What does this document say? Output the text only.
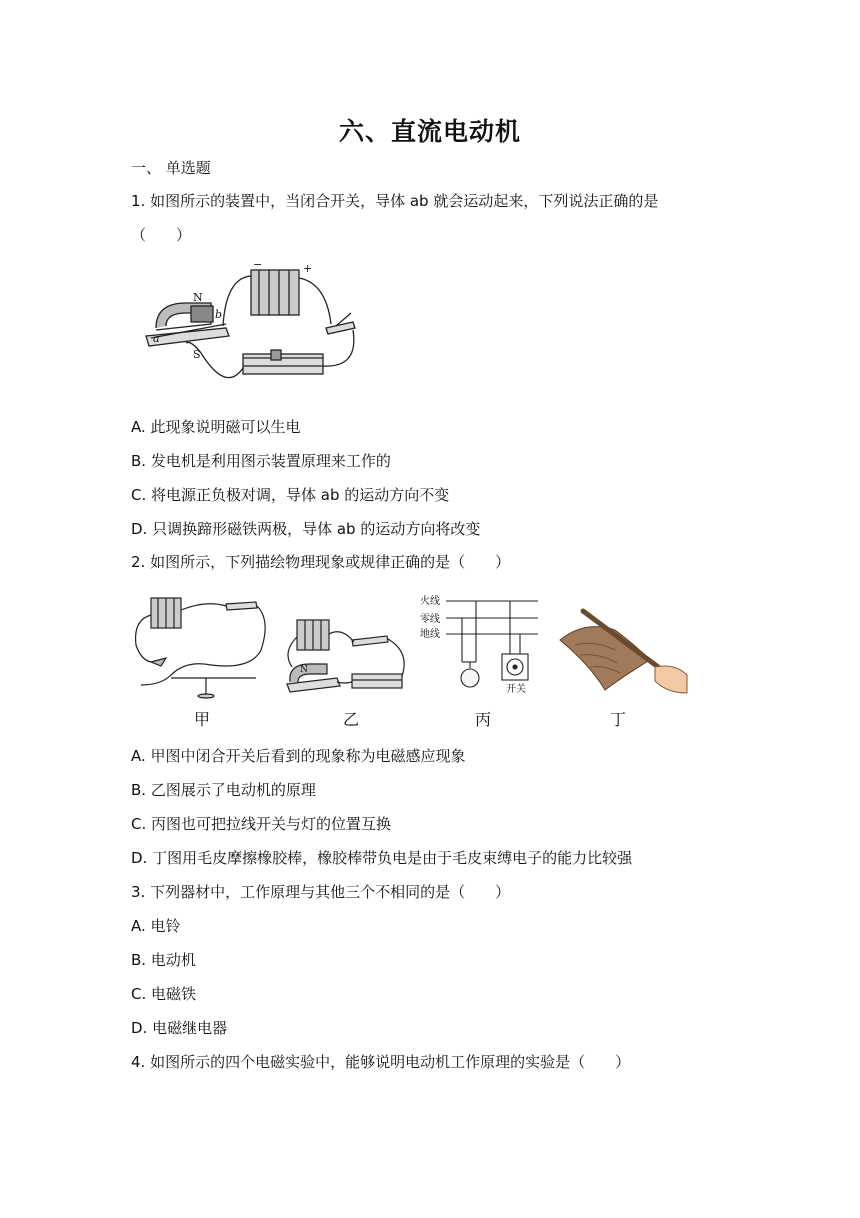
六、直流电动机
一、 单选题
1. 如图所示的装置中，当闭合开关，导体 ab 就会运动起来，下列说法正确的是
（　　）
N
S
b
a
−	+
A. 此现象说明磁可以生电
B. 发电机是利用图示装置原理来工作的
C. 将电源正负极对调，导体 ab 的运动方向不变
D. 只调换蹄形磁铁两极，导体 ab 的运动方向将改变
2. 如图所示，下列描绘物理现象或规律正确的是（　　）
N
火线
零线
地线
开关
甲	乙	丙	丁
A. 甲图中闭合开关后看到的现象称为电磁感应现象
B. 乙图展示了电动机的原理
C. 丙图也可把拉线开关与灯的位置互换
D. 丁图用毛皮摩擦橡胶棒，橡胶棒带负电是由于毛皮束缚电子的能力比较强
3. 下列器材中，工作原理与其他三个不相同的是（　　）
A. 电铃
B. 电动机
C. 电磁铁
D. 电磁继电器
4. 如图所示的四个电磁实验中，能够说明电动机工作原理的实验是（　　）
